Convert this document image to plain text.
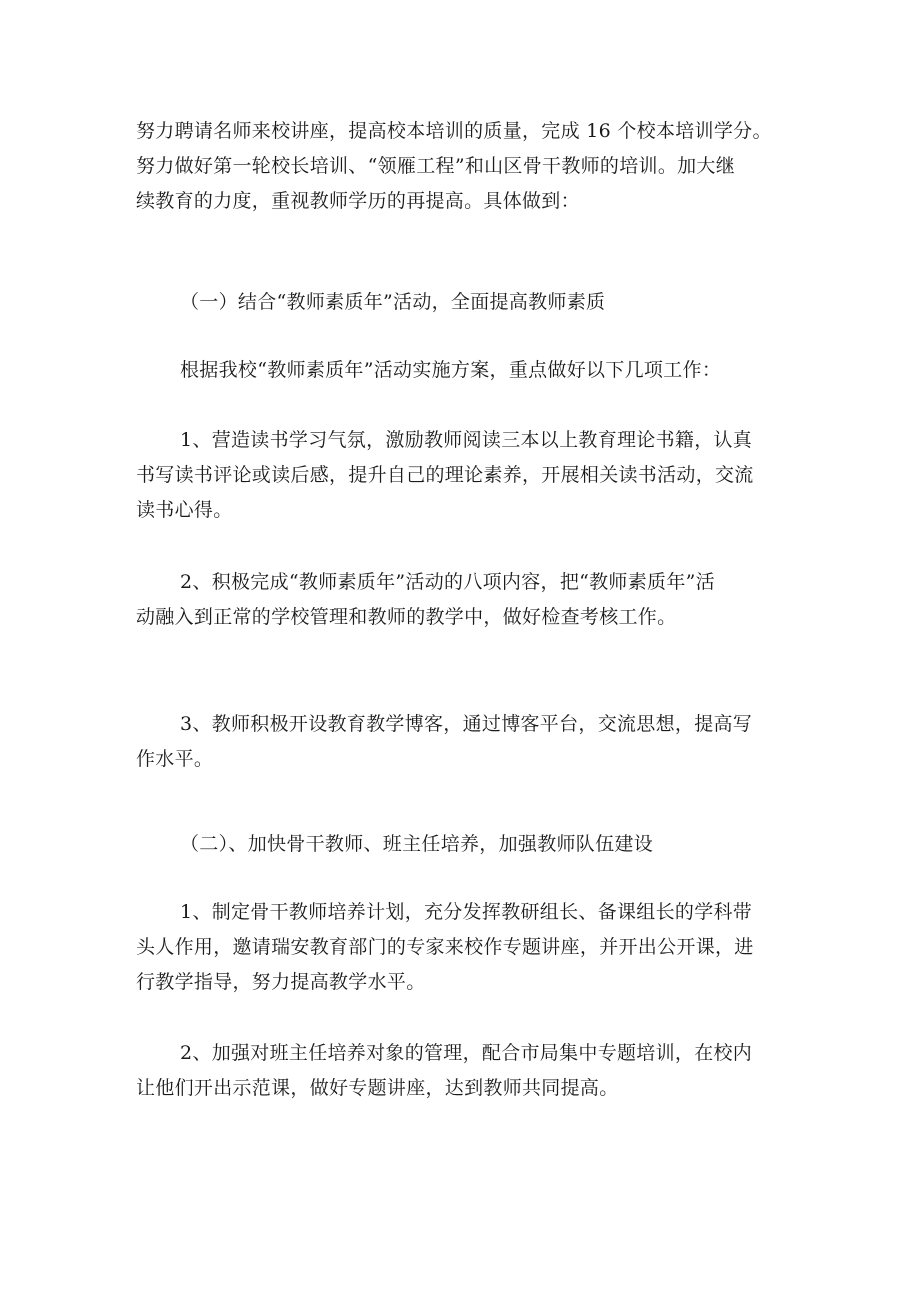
努力聘请名师来校讲座，提高校本培训的质量，完成 16 个校本培训学分。
努力做好第一轮校长培训、“领雁工程”和山区骨干教师的培训。加大继
续教育的力度，重视教师学历的再提高。具体做到：
（一）结合“教师素质年”活动，全面提高教师素质
根据我校“教师素质年”活动实施方案，重点做好以下几项工作：
1、营造读书学习气氛，激励教师阅读三本以上教育理论书籍，认真
书写读书评论或读后感，提升自己的理论素养，开展相关读书活动，交流
读书心得。
2、积极完成“教师素质年”活动的八项内容，把“教师素质年”活
动融入到正常的学校管理和教师的教学中，做好检查考核工作。
3、教师积极开设教育教学博客，通过博客平台，交流思想，提高写
作水平。
（二）、加快骨干教师、班主任培养，加强教师队伍建设
1、制定骨干教师培养计划，充分发挥教研组长、备课组长的学科带
头人作用，邀请瑞安教育部门的专家来校作专题讲座，并开出公开课，进
行教学指导，努力提高教学水平。
2、加强对班主任培养对象的管理，配合市局集中专题培训，在校内
让他们开出示范课，做好专题讲座，达到教师共同提高。
